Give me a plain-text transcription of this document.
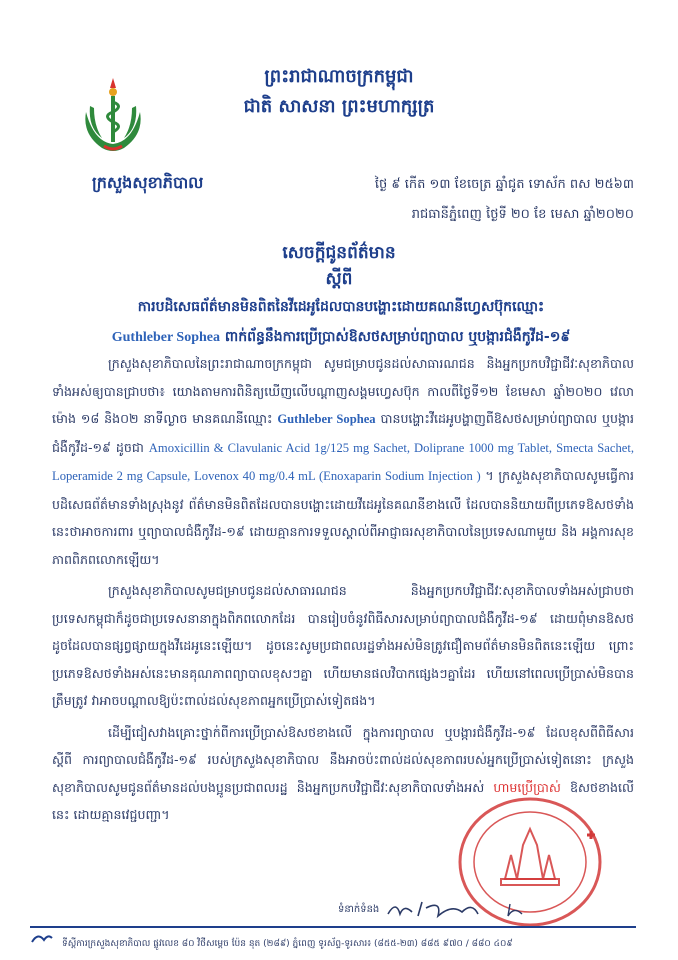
ក្រសួងសុខាភិបាល
ព្រះរាជាណាចក្រកម្ពុជា
ជាតិ សាសនា ព្រះមហាក្សត្រ
ថ្ងៃ ៩ កើត ១៣ ខែចេត្រ ឆ្នាំជូត ទោស័ក ពស ២៥៦៣
រាជធានីភ្នំពេញ ថ្ងៃទី ២០ ខែ មេសា ឆ្នាំ២០២០
សេចក្តីជូនព័ត៌មាន
ស្តីពី
ការបដិសេធព័ត៌មានមិនពិតនៃវីដេអូដែលបានបង្ហោះដោយគណនីហ្វេសប៊ុកឈ្មោះ
Guthleber Sophea ពាក់ព័ន្ធនឹងការប្រើប្រាស់ឱសថសម្រាប់ព្យាបាល ឬបង្ការជំងឺកូវីដ-១៩

ក្រសួងសុខាភិបាលនៃព្រះរាជាណាចក្រកម្ពុជា សូមជម្រាបជូនដល់សាធារណជន និងអ្នកប្រកបវិជ្ជាជីវៈសុខាភិបាលទាំងអស់ឲ្យបានជ្រាបថា៖ យោងតាមការពិនិត្យឃើញលើបណ្តាញសង្គមហ្វេសប៊ុក កាលពីថ្ងៃទី១២ ខែមេសា ឆ្នាំ២០២០ វេលាម៉ោង ១៨ និង០២ នាទីល្ងាច មានគណនីឈ្មោះ Guthleber Sophea បានបង្ហោះវីដេអូបង្ហាញពីឱសថសម្រាប់ព្យាបាល ឬបង្ការជំងឺកូវីដ-១៩ ដូចជា Amoxicillin & Clavulanic Acid 1g/125 mg Sachet, Doliprane 1000 mg Tablet, Smecta Sachet, Loperamide 2 mg Capsule, Lovenox 40 mg/0.4 mL (Enoxaparin Sodium Injection ) ។ ក្រសួងសុខាភិបាលសូមធ្វើការបដិសេធព័ត៌មានទាំងស្រុងនូវ ព័ត៌មានមិនពិតដែលបានបង្ហោះដោយវីដេអូនៃគណនីខាងលើ ដែលបាននិយាយពីប្រភេទឱសថទាំងនេះថាអាចការពារ ឬព្យាបាលជំងឺកូវីដ-១៩ ដោយគ្មានការទទួលស្គាល់ពីអាជ្ញាធរសុខាភិបាលនៃប្រទេសណាមួយ និង អង្គការសុខភាពពិភពលោកឡើយ។

ក្រសួងសុខាភិបាលសូមជម្រាបជូនដល់សាធារណជន និងអ្នកប្រកបវិជ្ជាជីវៈសុខាភិបាលទាំងអស់ជ្រាបថា ប្រទេសកម្ពុជាក៏ដូចជាប្រទេសនានាក្នុងពិភពលោកដែរ បានរៀបចំនូវពិធីសារសម្រាប់ព្យាបាលជំងឺកូវីដ-១៩ ដោយពុំមានឱសថ ដូចដែលបានផ្សព្វផ្សាយក្នុងវីដេអូនេះឡើយ។ ដូចនេះសូមប្រជាពលរដ្ឋទាំងអស់មិនត្រូវជឿតាមព័ត៌មានមិនពិតនេះឡើយ ព្រោះប្រភេទឱសថទាំងអស់នេះមានគុណភាពព្យាបាលខុសៗគ្នា ហើយមានផលវិបាកផ្សេងៗគ្នាដែរ ហើយនៅពេលប្រើប្រាស់មិនបានត្រឹមត្រូវ វាអាចបណ្តាលឱ្យប៉ះពាល់ដល់សុខភាពអ្នកប្រើប្រាស់ទៀតផង។

ដើម្បីជៀសវាងគ្រោះថ្នាក់ពីការប្រើប្រាស់ឱសថខាងលើ ក្នុងការព្យាបាល ឬបង្ការជំងឺកូវីដ-១៩ ដែលខុសពីពិធីសារ ស្តីពី ការព្យាបាលជំងឺកូវីដ-១៩ របស់ក្រសួងសុខាភិបាល នឹងអាចប៉ះពាល់ដល់សុខភាពរបស់អ្នកប្រើប្រាស់ទៀតនោះ ក្រសួងសុខាភិបាលសូមជូនព័ត៌មានដល់បងប្អូនប្រជាពលរដ្ឋ និងអ្នកប្រកបវិជ្ជាជីវៈសុខាភិបាលទាំងអស់ ហាមប្រើប្រាស់ ឱសថខាងលើនេះ ដោយគ្មានវេជ្ជបញ្ជា។

ទំនាក់ទំនង
ទីស្តីការក្រសួងសុខាភិបាល ផ្លូវលេខ ៨០ វិថីសម្តេច ប៉ែន នុត (២៨៩) ភ្នំពេញ ទូរស័ព្ទ-ទូរសារ៖ (៨៥៥-២៣) ៨៨៥ ៩៧០ / ៨៨០ ៤០៩
